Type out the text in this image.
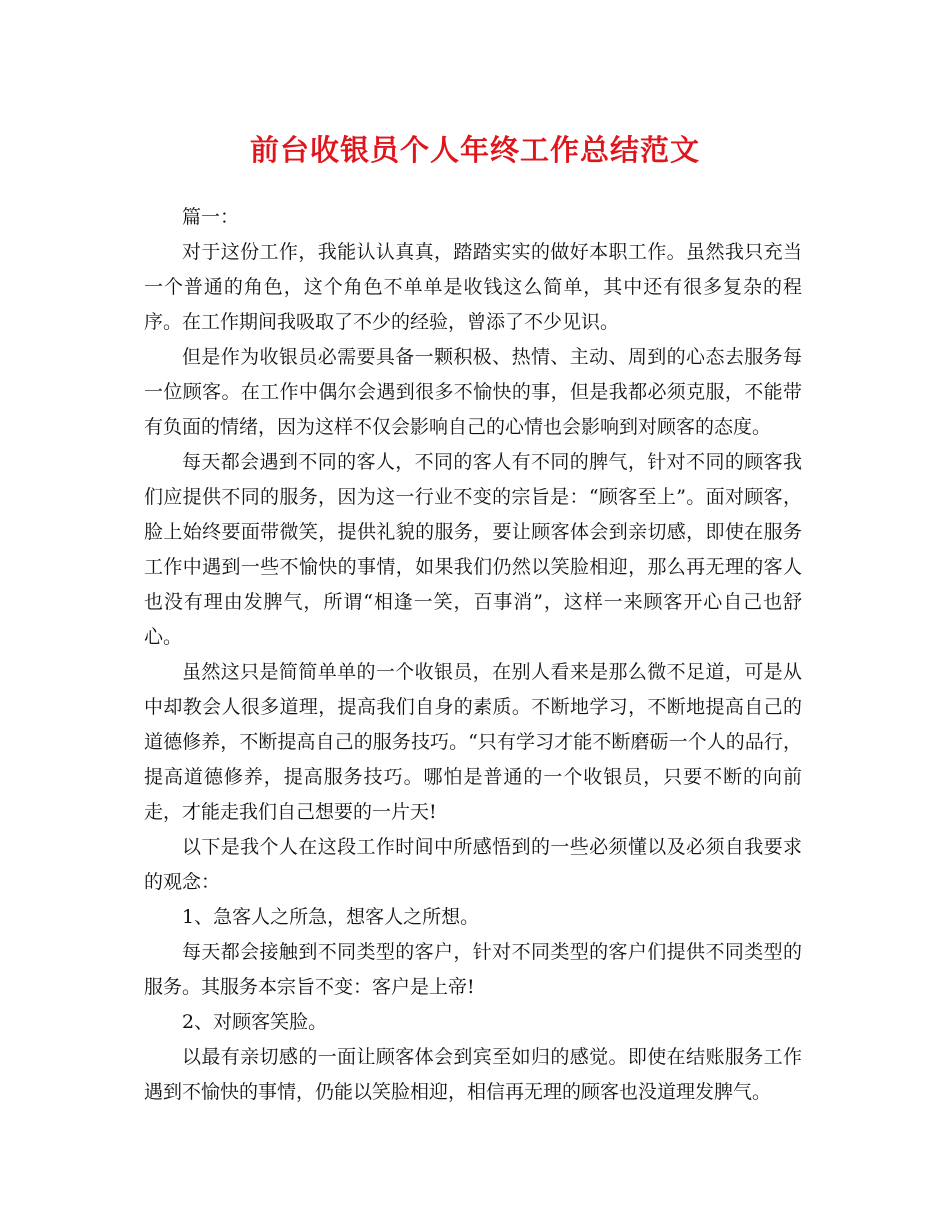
前台收银员个人年终工作总结范文

篇一：

对于这份工作，我能认认真真，踏踏实实的做好本职工作。虽然我只充当一个普通的角色，这个角色不单单是收钱这么简单，其中还有很多复杂的程序。在工作期间我吸取了不少的经验，曾添了不少见识。

但是作为收银员必需要具备一颗积极、热情、主动、周到的心态去服务每一位顾客。在工作中偶尔会遇到很多不愉快的事，但是我都必须克服，不能带有负面的情绪，因为这样不仅会影响自己的心情也会影响到对顾客的态度。

每天都会遇到不同的客人，不同的客人有不同的脾气，针对不同的顾客我们应提供不同的服务，因为这一行业不变的宗旨是：“顾客至上”。面对顾客，脸上始终要面带微笑，提供礼貌的服务，要让顾客体会到亲切感，即使在服务工作中遇到一些不愉快的事情，如果我们仍然以笑脸相迎，那么再无理的客人也没有理由发脾气，所谓“相逢一笑，百事消”，这样一来顾客开心自己也舒心。

虽然这只是简简单单的一个收银员，在别人看来是那么微不足道，可是从中却教会人很多道理，提高我们自身的素质。不断地学习，不断地提高自己的道德修养，不断提高自己的服务技巧。“只有学习才能不断磨砺一个人的品行，提高道德修养，提高服务技巧。哪怕是普通的一个收银员，只要不断的向前走，才能走我们自己想要的一片天!

以下是我个人在这段工作时间中所感悟到的一些必须懂以及必须自我要求的观念：

1、急客人之所急，想客人之所想。

每天都会接触到不同类型的客户，针对不同类型的客户们提供不同类型的服务。其服务本宗旨不变：客户是上帝!

2、对顾客笑脸。

以最有亲切感的一面让顾客体会到宾至如归的感觉。即使在结账服务工作遇到不愉快的事情，仍能以笑脸相迎，相信再无理的顾客也没道理发脾气。
